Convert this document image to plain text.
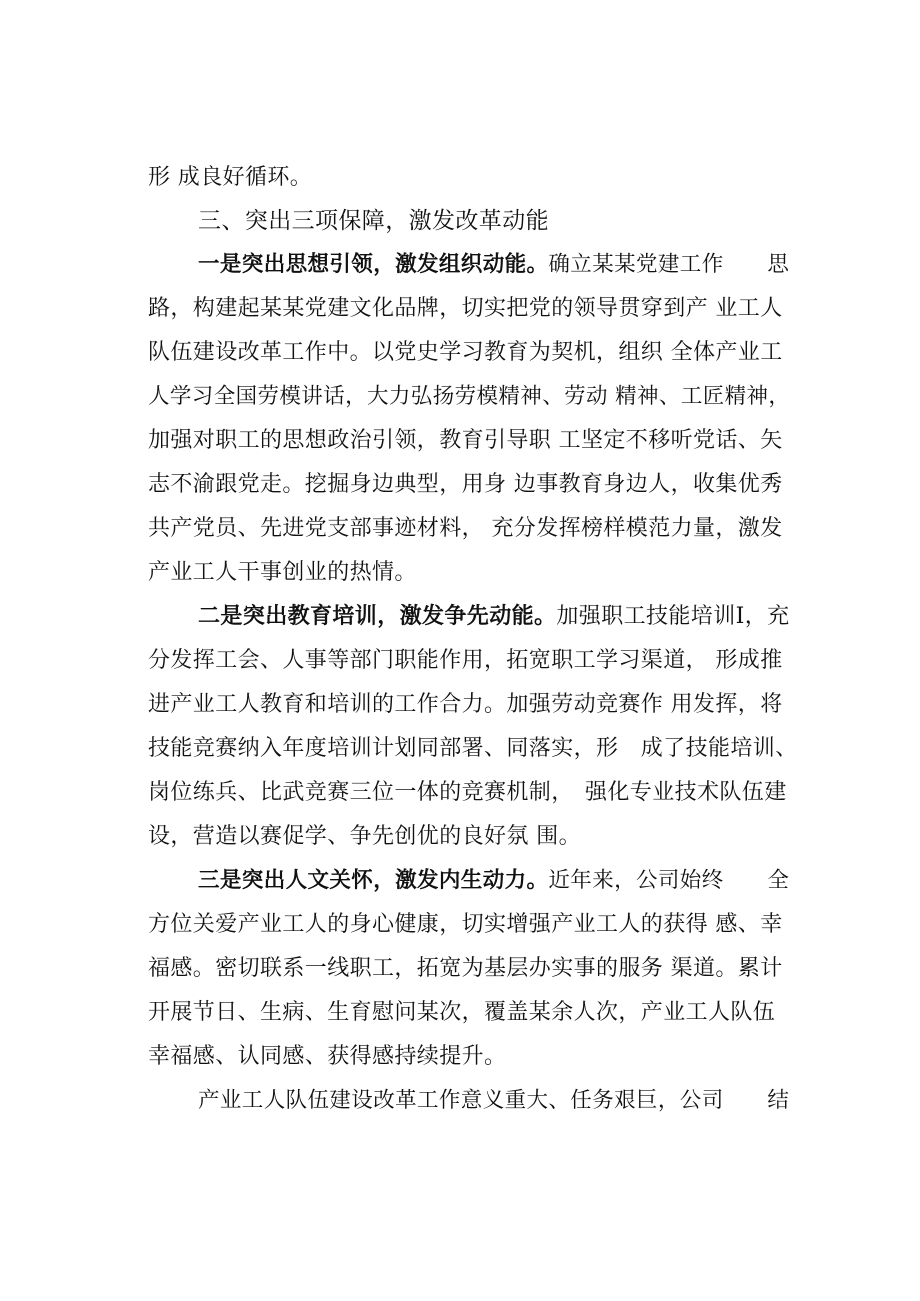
形 成良好循环。
三、突出三项保障，激发改革动能
一是突出思想引领，激发组织动能。确立某某党建工作　　思
路，构建起某某党建文化品牌，切实把党的领导贯穿到产 业工人
队伍建设改革工作中。以党史学习教育为契机，组织 全体产业工
人学习全国劳模讲话，大力弘扬劳模精神、劳动 精神、工匠精神，
加强对职工的思想政治引领，教育引导职 工坚定不移听党话、矢
志不渝跟党走。挖掘身边典型，用身 边事教育身边人，收集优秀
共产党员、先进党支部事迹材料， 充分发挥榜样模范力量，激发
产业工人干事创业的热情。
二是突出教育培训，激发争先动能。加强职工技能培训I，充
分发挥工会、人事等部门职能作用，拓宽职工学习渠道， 形成推
进产业工人教育和培训的工作合力。加强劳动竞赛作 用发挥，将
技能竞赛纳入年度培训计划同部署、同落实，形　成了技能培训、
岗位练兵、比武竞赛三位一体的竞赛机制，　强化专业技术队伍建
设，营造以赛促学、争先创优的良好氛 围。
三是突出人文关怀，激发内生动力。近年来，公司始终　　全
方位关爱产业工人的身心健康，切实增强产业工人的获得 感、幸
福感。密切联系一线职工，拓宽为基层办实事的服务 渠道。累计
开展节日、生病、生育慰问某次，覆盖某余人次，产业工人队伍
幸福感、认同感、获得感持续提升。
产业工人队伍建设改革工作意义重大、任务艰巨，公司　　结
